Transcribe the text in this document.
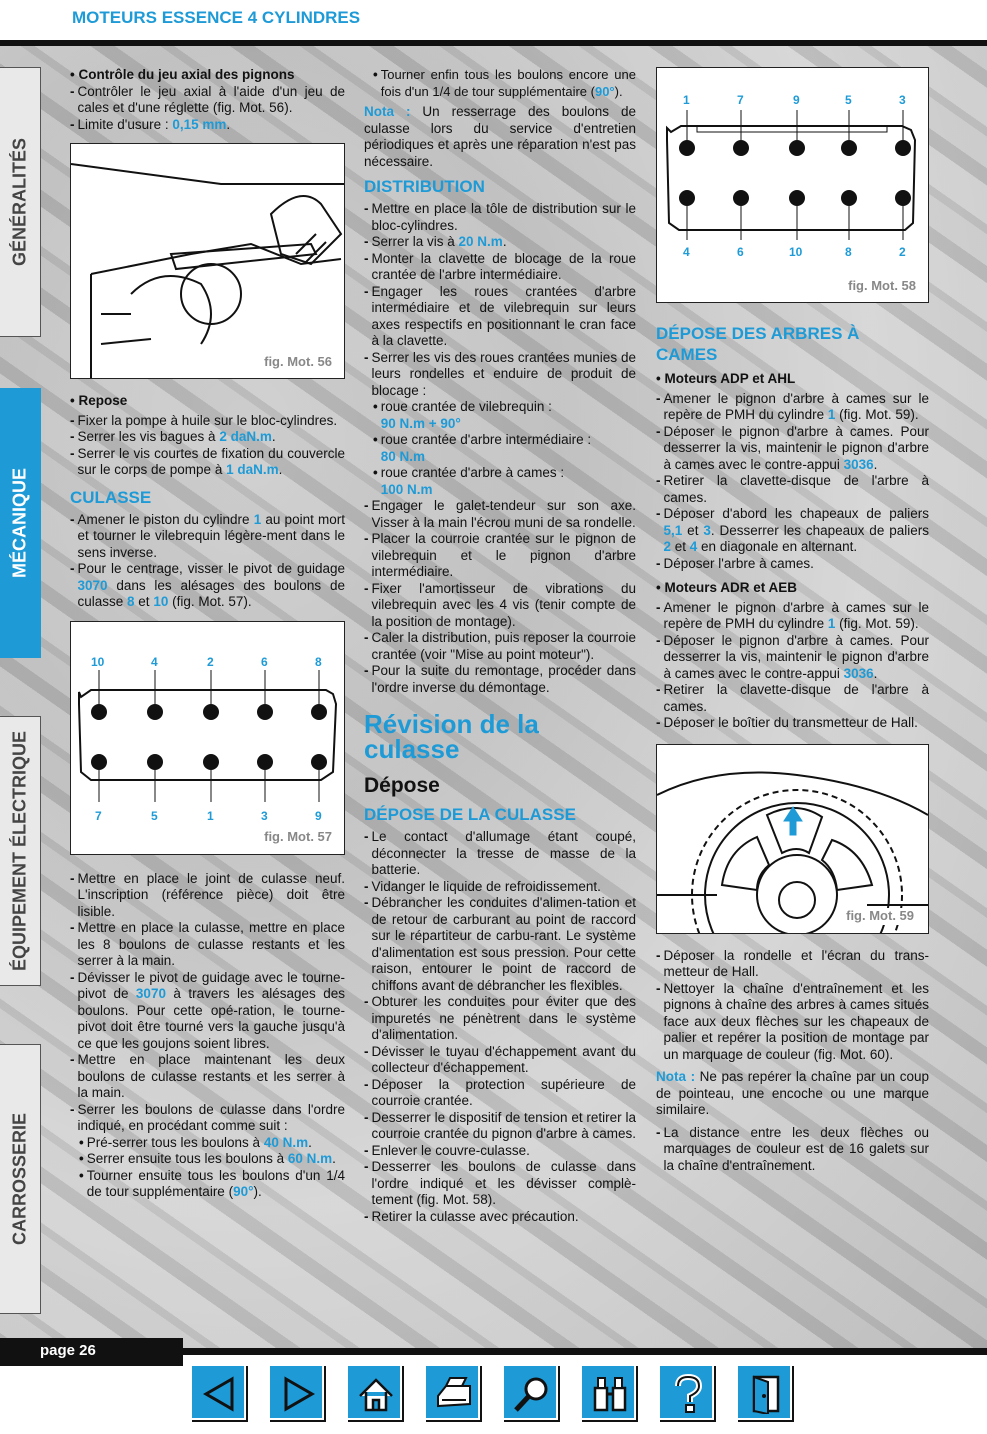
MOTEURS ESSENCE 4 CYLINDRES
GÉNÉRALITÉS
MÉCANIQUE
ÉQUIPEMENT ÉLECTRIQUE
CARROSSERIE

• Contrôle du jeu axial des pignons

- Contrôler le jeu axial à l'aide d'un jeu de cales et d'une réglette (fig. Mot. 56).
- Limite d'usure : 0,15 mm.
fig. Mot. 56

• Repose

- Fixer la pompe à huile sur le bloc-cylindres.
- Serrer les vis bagues à 2 daN.m.
- Serrer le vis courtes de fixation du couvercle sur le corps de pompe à 1 daN.m.

CULASSE

- Amener le piston du cylindre 1 au point mort et tourner le vilebrequin légère-ment dans le sens inverse.
- Pour le centrage, visser le pivot de guidage 3070 dans les alésages des boulons de culasse 8 et 10 (fig. Mot. 57).
10	4	2	6	8
7	5	1	3	9
fig. Mot. 57
- Mettre en place le joint de culasse neuf. L'inscription (référence pièce) doit être lisible.
- Mettre en place la culasse, mettre en place les 8 boulons de culasse restants et les serrer à la main.
- Dévisser le pivot de guidage avec le tourne-pivot de 3070 à travers les alésages des boulons. Pour cette opé-ration, le tourne-pivot doit être tourné vers la gauche jusqu'à ce que les goujons soient libres.
- Mettre en place maintenant les deux boulons de culasse restants et les serrer à la main.
- Serrer les boulons de culasse dans l'ordre indiqué, en procédant comme suit :
• Pré-serrer tous les boulons à 40 N.m.
• Serrer ensuite tous les boulons à 60 N.m.
• Tourner ensuite tous les boulons d'un 1/4 de tour supplémentaire (90°).
• Tourner enfin tous les boulons encore une fois d'un 1/4 de tour supplémentaire (90°).

Nota : Un resserrage des boulons de culasse lors du service d'entretien périodiques et après une réparation n'est pas nécessaire.

DISTRIBUTION

- Mettre en place la tôle de distribution sur le bloc-cylindres.
- Serrer la vis à 20 N.m.
- Monter la clavette de blocage de la roue crantée de l'arbre intermédiaire.
- Engager les roues crantées d'arbre intermédiaire et de vilebrequin sur leurs axes respectifs en positionnant le cran face à la clavette.
- Serrer les vis des roues crantées munies de leurs rondelles et enduire de produit de blocage :
• roue crantée de vilebrequin :
90 N.m + 90°
• roue crantée d'arbre intermédiaire :
80 N.m
• roue crantée d'arbre à cames :
100 N.m
- Engager le galet-tendeur sur son axe. Visser à la main l'écrou muni de sa rondelle.
- Placer la courroie crantée sur le pignon de vilebrequin et le pignon d'arbre intermédiaire.
- Fixer l'amortisseur de vibrations du vilebrequin avec les 4 vis (tenir compte de la position de montage).
- Caler la distribution, puis reposer la courroie crantée (voir "Mise au point moteur").
- Pour la suite du remontage, procéder dans l'ordre inverse du démontage.

Révision de la culasse

Dépose

DÉPOSE DE LA CULASSE

- Le contact d'allumage étant coupé, déconnecter la tresse de masse de la batterie.
- Vidanger le liquide de refroidissement.
- Débrancher les conduites d'alimen-tation et de retour de carburant au point de raccord sur le répartiteur de carbu-rant. Le système d'alimentation est sous pression. Pour cette raison, entourer le point de raccord de chiffons avant de débrancher les flexibles.
- Obturer les conduites pour éviter que des impuretés ne pénètrent dans le système d'alimentation.
- Dévisser le tuyau d'échappement avant du collecteur d'échappement.
- Déposer la protection supérieure de courroie crantée.
- Desserrer le dispositif de tension et retirer la courroie crantée du pignon d'arbre à cames.
- Enlever le couvre-culasse.
- Desserrer les boulons de culasse dans l'ordre indiqué et les dévisser complè-tement (fig. Mot. 58).
- Retirer la culasse avec précaution.
1	7	9	5	3
4	6	10	8	2
fig. Mot. 58

DÉPOSE DES ARBRES À CAMES

• Moteurs ADP et AHL

- Amener le pignon d'arbre à cames sur le repère de PMH du cylindre 1 (fig. Mot. 59).
- Déposer le pignon d'arbre à cames. Pour desserrer la vis, maintenir le pignon d'arbre à cames avec le contre-appui 3036.
- Retirer la clavette-disque de l'arbre à cames.
- Déposer d'abord les chapeaux de paliers 5,1 et 3. Desserrer les chapeaux de paliers 2 et 4 en diagonale en alternant.
- Déposer l'arbre à cames.

• Moteurs ADR et AEB

- Amener le pignon d'arbre à cames sur le repère de PMH du cylindre 1 (fig. Mot. 59).
- Déposer le pignon d'arbre à cames. Pour desserrer la vis, maintenir le pignon d'arbre à cames avec le contre-appui 3036.
- Retirer la clavette-disque de l'arbre à cames.
- Déposer le boîtier du transmetteur de Hall.
fig. Mot. 59
- Déposer la rondelle et l'écran du trans-metteur de Hall.
- Nettoyer la chaîne d'entraînement et les pignons à chaîne des arbres à cames situés face aux deux flèches sur les chapeaux de palier et repérer la position de montage par un marquage de couleur (fig. Mot. 60).

Nota : Ne pas repérer la chaîne par un coup de pointeau, une encoche ou une marque similaire.

- La distance entre les deux flèches ou marquages de couleur est de 16 galets sur la chaîne d'entraînement.
page 26
